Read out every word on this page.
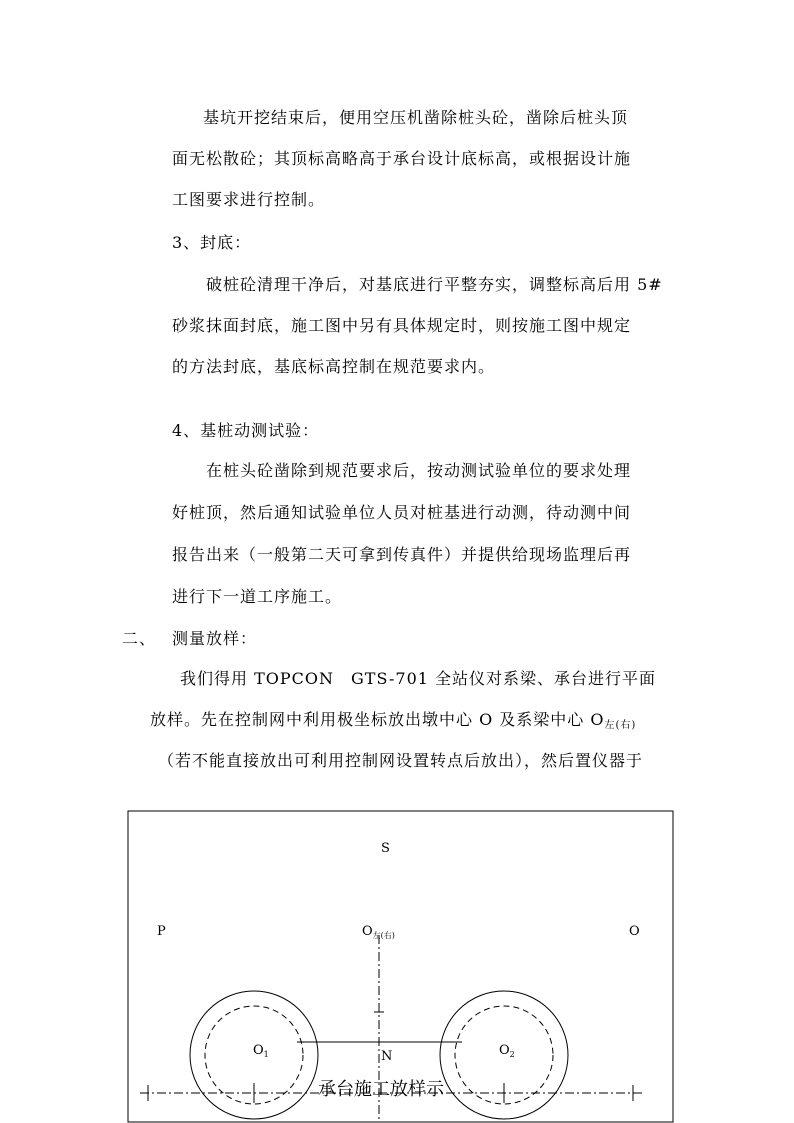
基坑开挖结束后，便用空压机凿除桩头砼，凿除后桩头顶
面无松散砼；其顶标高略高于承台设计底标高，或根据设计施
工图要求进行控制。
3、封底：
破桩砼清理干净后，对基底进行平整夯实，调整标高后用 5#
砂浆抹面封底，施工图中另有具体规定时，则按施工图中规定
的方法封底，基底标高控制在规范要求内。
4、基桩动测试验：
在桩头砼凿除到规范要求后，按动测试验单位的要求处理
好桩顶，然后通知试验单位人员对桩基进行动测，待动测中间
报告出来（一般第二天可拿到传真件）并提供给现场监理后再
进行下一道工序施工。
二、 测量放样：
我们得用 TOPCON　GTS-701 全站仪对系梁、承台进行平面
放样。先在控制网中利用极坐标放出墩中心 O 及系梁中心 $O_{左(右)}$
（若不能直接放出可利用控制网设置转点后放出），然后置仪器于
S
P	$O_{左(右)}$	O
$O_1$	$O_2$
N
承台施工放样示
